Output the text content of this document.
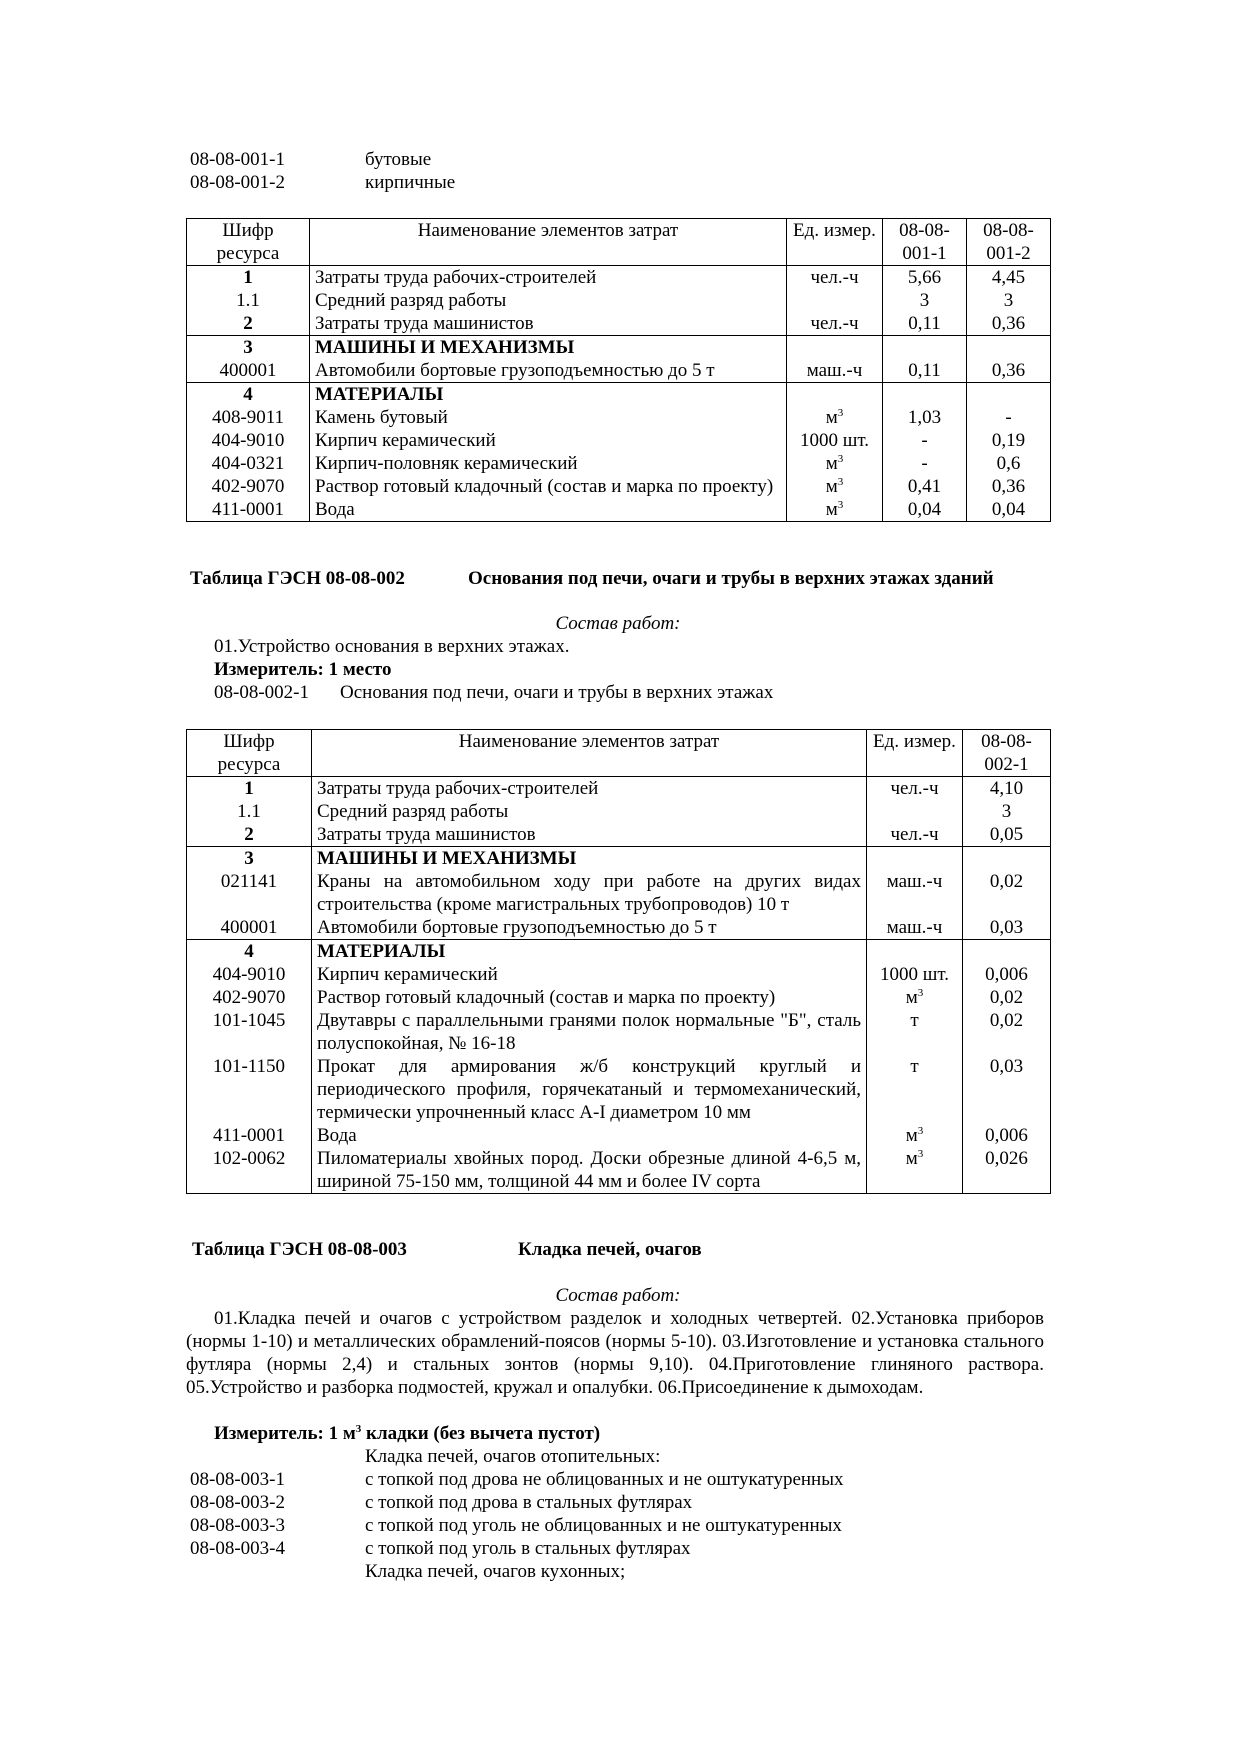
08-08-001-1	бутовые
08-08-001-2	кирпичные
Шифр ресурса	Наименование элементов затрат	Ед. измер.	08-08-001-1	08-08-001-2
1	Затраты труда рабочих-строителей	чел.-ч	5,66	4,45
1.1	Средний разряд работы		3	3
2	Затраты труда машинистов	чел.-ч	0,11	0,36
3	МАШИНЫ И МЕХАНИЗМЫ			
400001	Автомобили бортовые грузоподъемностью до 5 т	маш.-ч	0,11	0,36
4	МАТЕРИАЛЫ			
408-9011	Камень бутовый	$м^3$	1,03	-
404-9010	Кирпич керамический	1000 шт.	-	0,19
404-0321	Кирпич-половняк керамический	$м^3$	-	0,6
402-9070	Раствор готовый кладочный (состав и марка по проекту)	$м^3$	0,41	0,36
411-0001	Вода	$м^3$	0,04	0,04
Таблица ГЭСН 08-08-002	Основания под печи, очаги и трубы в верхних этажах зданий
Состав работ:
01.Устройство основания в верхних этажах.
Измеритель: 1 место
08-08-002-1 Основания под печи, очаги и трубы в верхних этажах
Шифр ресурса	Наименование элементов затрат	Ед. измер.	08-08-002-1
1	Затраты труда рабочих-строителей	чел.-ч	4,10
1.1	Средний разряд работы		3
2	Затраты труда машинистов	чел.-ч	0,05
3	МАШИНЫ И МЕХАНИЗМЫ		
021141	Краны на автомобильном ходу при работе на других видах строительства (кроме магистральных трубопроводов) 10 т	маш.-ч	0,02
400001	Автомобили бортовые грузоподъемностью до 5 т	маш.-ч	0,03
4	МАТЕРИАЛЫ		
404-9010	Кирпич керамический	1000 шт.	0,006
402-9070	Раствор готовый кладочный (состав и марка по проекту)	$м^3$	0,02
101-1045	Двутавры с параллельными гранями полок нормальные "Б", сталь полуспокойная, № 16-18	т	0,02
101-1150	Прокат для армирования ж/б конструкций круглый и периодического профиля, горячекатаный и термомеханический, термически упрочненный класс А-I диаметром 10 мм	т	0,03
411-0001	Вода	$м^3$	0,006
102-0062	Пиломатериалы хвойных пород. Доски обрезные длиной 4-6,5 м, шириной 75-150 мм, толщиной 44 мм и более IV сорта	$м^3$	0,026
Таблица ГЭСН 08-08-003	Кладка печей, очагов
Состав работ:
01.Кладка печей и очагов с устройством разделок и холодных четвертей. 02.Установка приборов (нормы 1-10) и металлических обрамлений-поясов (нормы 5-10). 03.Изготовление и установка стального футляра (нормы 2,4) и стальных зонтов (нормы 9,10). 04.Приготовление глиняного раствора. 05.Устройство и разборка подмостей, кружал и опалубки. 06.Присоединение к дымоходам.
Измеритель: 1 $м^3$ кладки (без вычета пустот)
Кладка печей, очагов отопительных:
08-08-003-1	с топкой под дрова не облицованных и не оштукатуренных
08-08-003-2	с топкой под дрова в стальных футлярах
08-08-003-3	с топкой под уголь не облицованных и не оштукатуренных
08-08-003-4	с топкой под уголь в стальных футлярах
Кладка печей, очагов кухонных;
